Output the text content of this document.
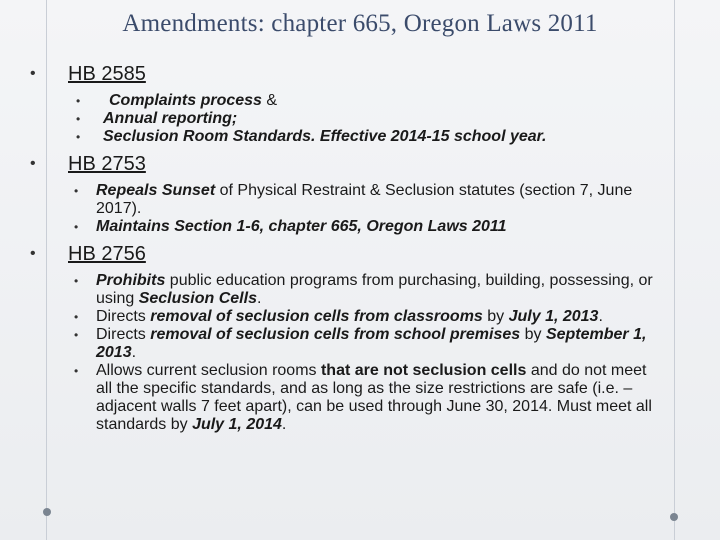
Amendments: chapter 665, Oregon Laws 2011
• HB 2585
• Complaints process &
• Annual reporting;
• Seclusion Room Standards. Effective 2014-15 school year.
• HB 2753
• Repeals Sunset of Physical Restraint & Seclusion statutes (section 7, June 2017).
• Maintains Section 1-6, chapter 665, Oregon Laws 2011
• HB 2756
• Prohibits public education programs from purchasing, building, possessing, or using Seclusion Cells.
• Directs removal of seclusion cells from classrooms by July 1, 2013.
• Directs removal of seclusion cells from school premises by September 1, 2013.
• Allows current seclusion rooms that are not seclusion cells and do not meet all the specific standards, and as long as the size restrictions are safe (i.e. – adjacent walls 7 feet apart), can be used through June 30, 2014. Must meet all standards by July 1, 2014.
